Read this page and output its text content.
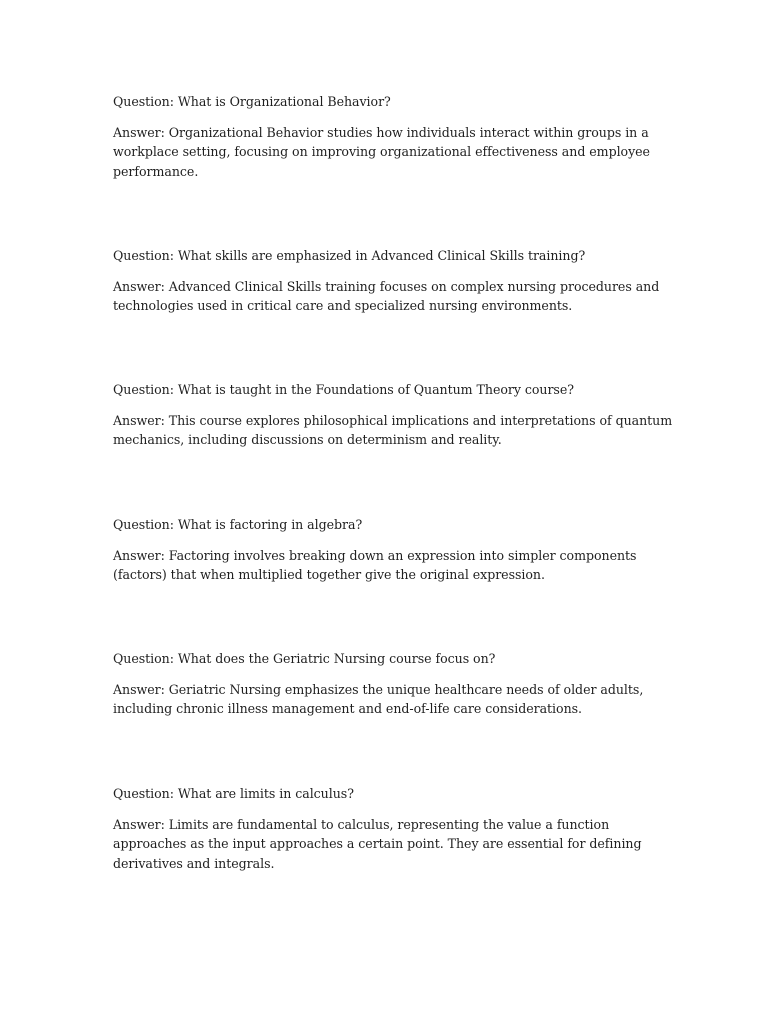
Question: What is Organizational Behavior?

Answer: Organizational Behavior studies how individuals interact within groups in a workplace setting, focusing on improving organizational effectiveness and employee performance.

Question: What skills are emphasized in Advanced Clinical Skills training?

Answer: Advanced Clinical Skills training focuses on complex nursing procedures and technologies used in critical care and specialized nursing environments.

Question: What is taught in the Foundations of Quantum Theory course?

Answer: This course explores philosophical implications and interpretations of quantum mechanics, including discussions on determinism and reality.

Question: What is factoring in algebra?

Answer: Factoring involves breaking down an expression into simpler components (factors) that when multiplied together give the original expression.

Question: What does the Geriatric Nursing course focus on?

Answer: Geriatric Nursing emphasizes the unique healthcare needs of older adults, including chronic illness management and end-of-life care considerations.

Question: What are limits in calculus?

Answer: Limits are fundamental to calculus, representing the value a function approaches as the input approaches a certain point. They are essential for defining derivatives and integrals.
